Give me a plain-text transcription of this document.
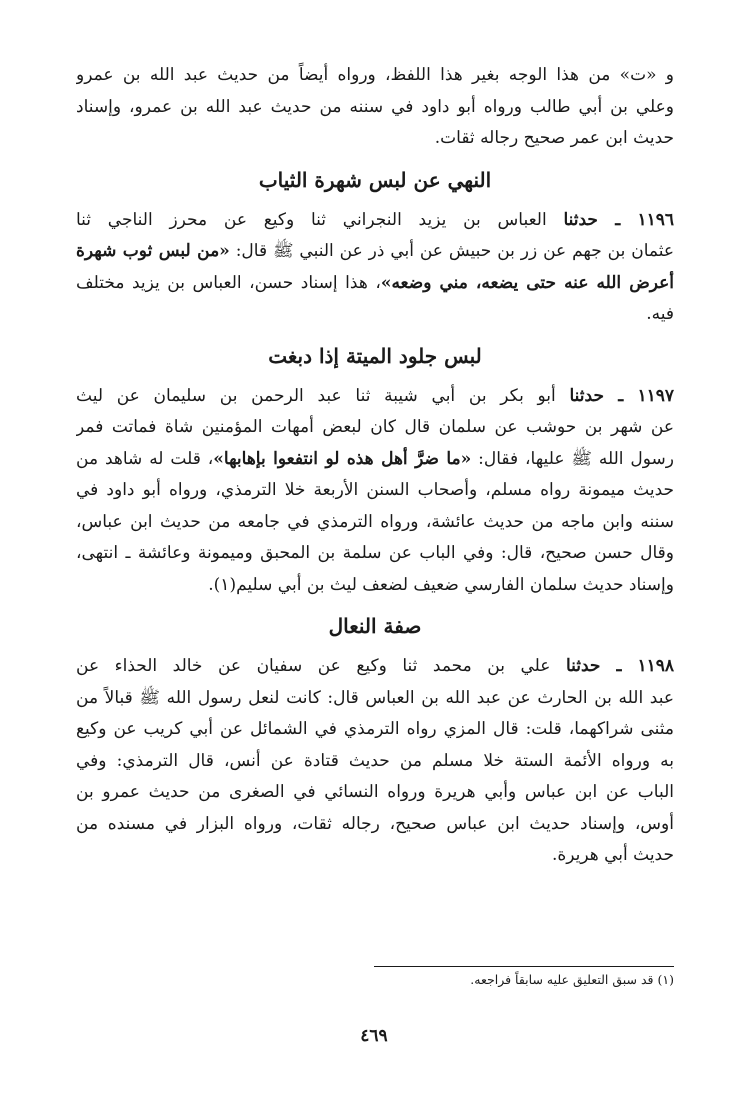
و «ت» من هذا الوجه بغير هذا اللفظ، ورواه أيضاً من حديث عبد الله بن عمرو
وعلي بن أبي طالب ورواه أبو داود في سننه من حديث عبد الله بن عمرو، وإسناد
حديث ابن عمر صحيح رجاله ثقات.
النهي عن لبس شهرة الثياب
١١٩٦ ـ حدثنا العباس بن يزيد النجراني ثنا وكيع عن محرز الناجي ثنا
عثمان بن جهم عن زر بن حبيش عن أبي ذر عن النبي ﷺ قال: «من لبس ثوب شهرة
أعرض الله عنه حتى يضعه، مني وضعه»، هذا إسناد حسن، العباس بن يزيد مختلف
فيه.
لبس جلود الميتة إذا دبغت
١١٩٧ ـ حدثنا أبو بكر بن أبي شيبة ثنا عبد الرحمن بن سليمان عن ليث
عن شهر بن حوشب عن سلمان قال كان لبعض أمهات المؤمنين شاة فماتت فمر
رسول الله ﷺ عليها، فقال: «ما ضرَّ أهل هذه لو انتفعوا بإهابها»، قلت له شاهد من
حديث ميمونة رواه مسلم، وأصحاب السنن الأربعة خلا الترمذي، ورواه أبو داود في
سننه وابن ماجه من حديث عائشة، ورواه الترمذي في جامعه من حديث ابن عباس،
وقال حسن صحيح، قال: وفي الباب عن سلمة بن المحبق وميمونة وعائشة ـ انتهى،
وإسناد حديث سلمان الفارسي ضعيف لضعف ليث بن أبي سليم(١).
صفة النعال
١١٩٨ ـ حدثنا علي بن محمد ثنا وكيع عن سفيان عن خالد الحذاء عن
عبد الله بن الحارث عن عبد الله بن العباس قال: كانت لنعل رسول الله ﷺ قبالاً من
مثنى شراكهما، قلت: قال المزي رواه الترمذي في الشمائل عن أبي كريب عن وكيع
به ورواه الأئمة الستة خلا مسلم من حديث قتادة عن أنس، قال الترمذي: وفي
الباب عن ابن عباس وأبي هريرة ورواه النسائي في الصغرى من حديث عمرو بن
أوس، وإسناد حديث ابن عباس صحيح، رجاله ثقات، ورواه البزار في مسنده من
حديث أبي هريرة.
(١) قد سبق التعليق عليه سابقاً فراجعه.
٤٦٩
